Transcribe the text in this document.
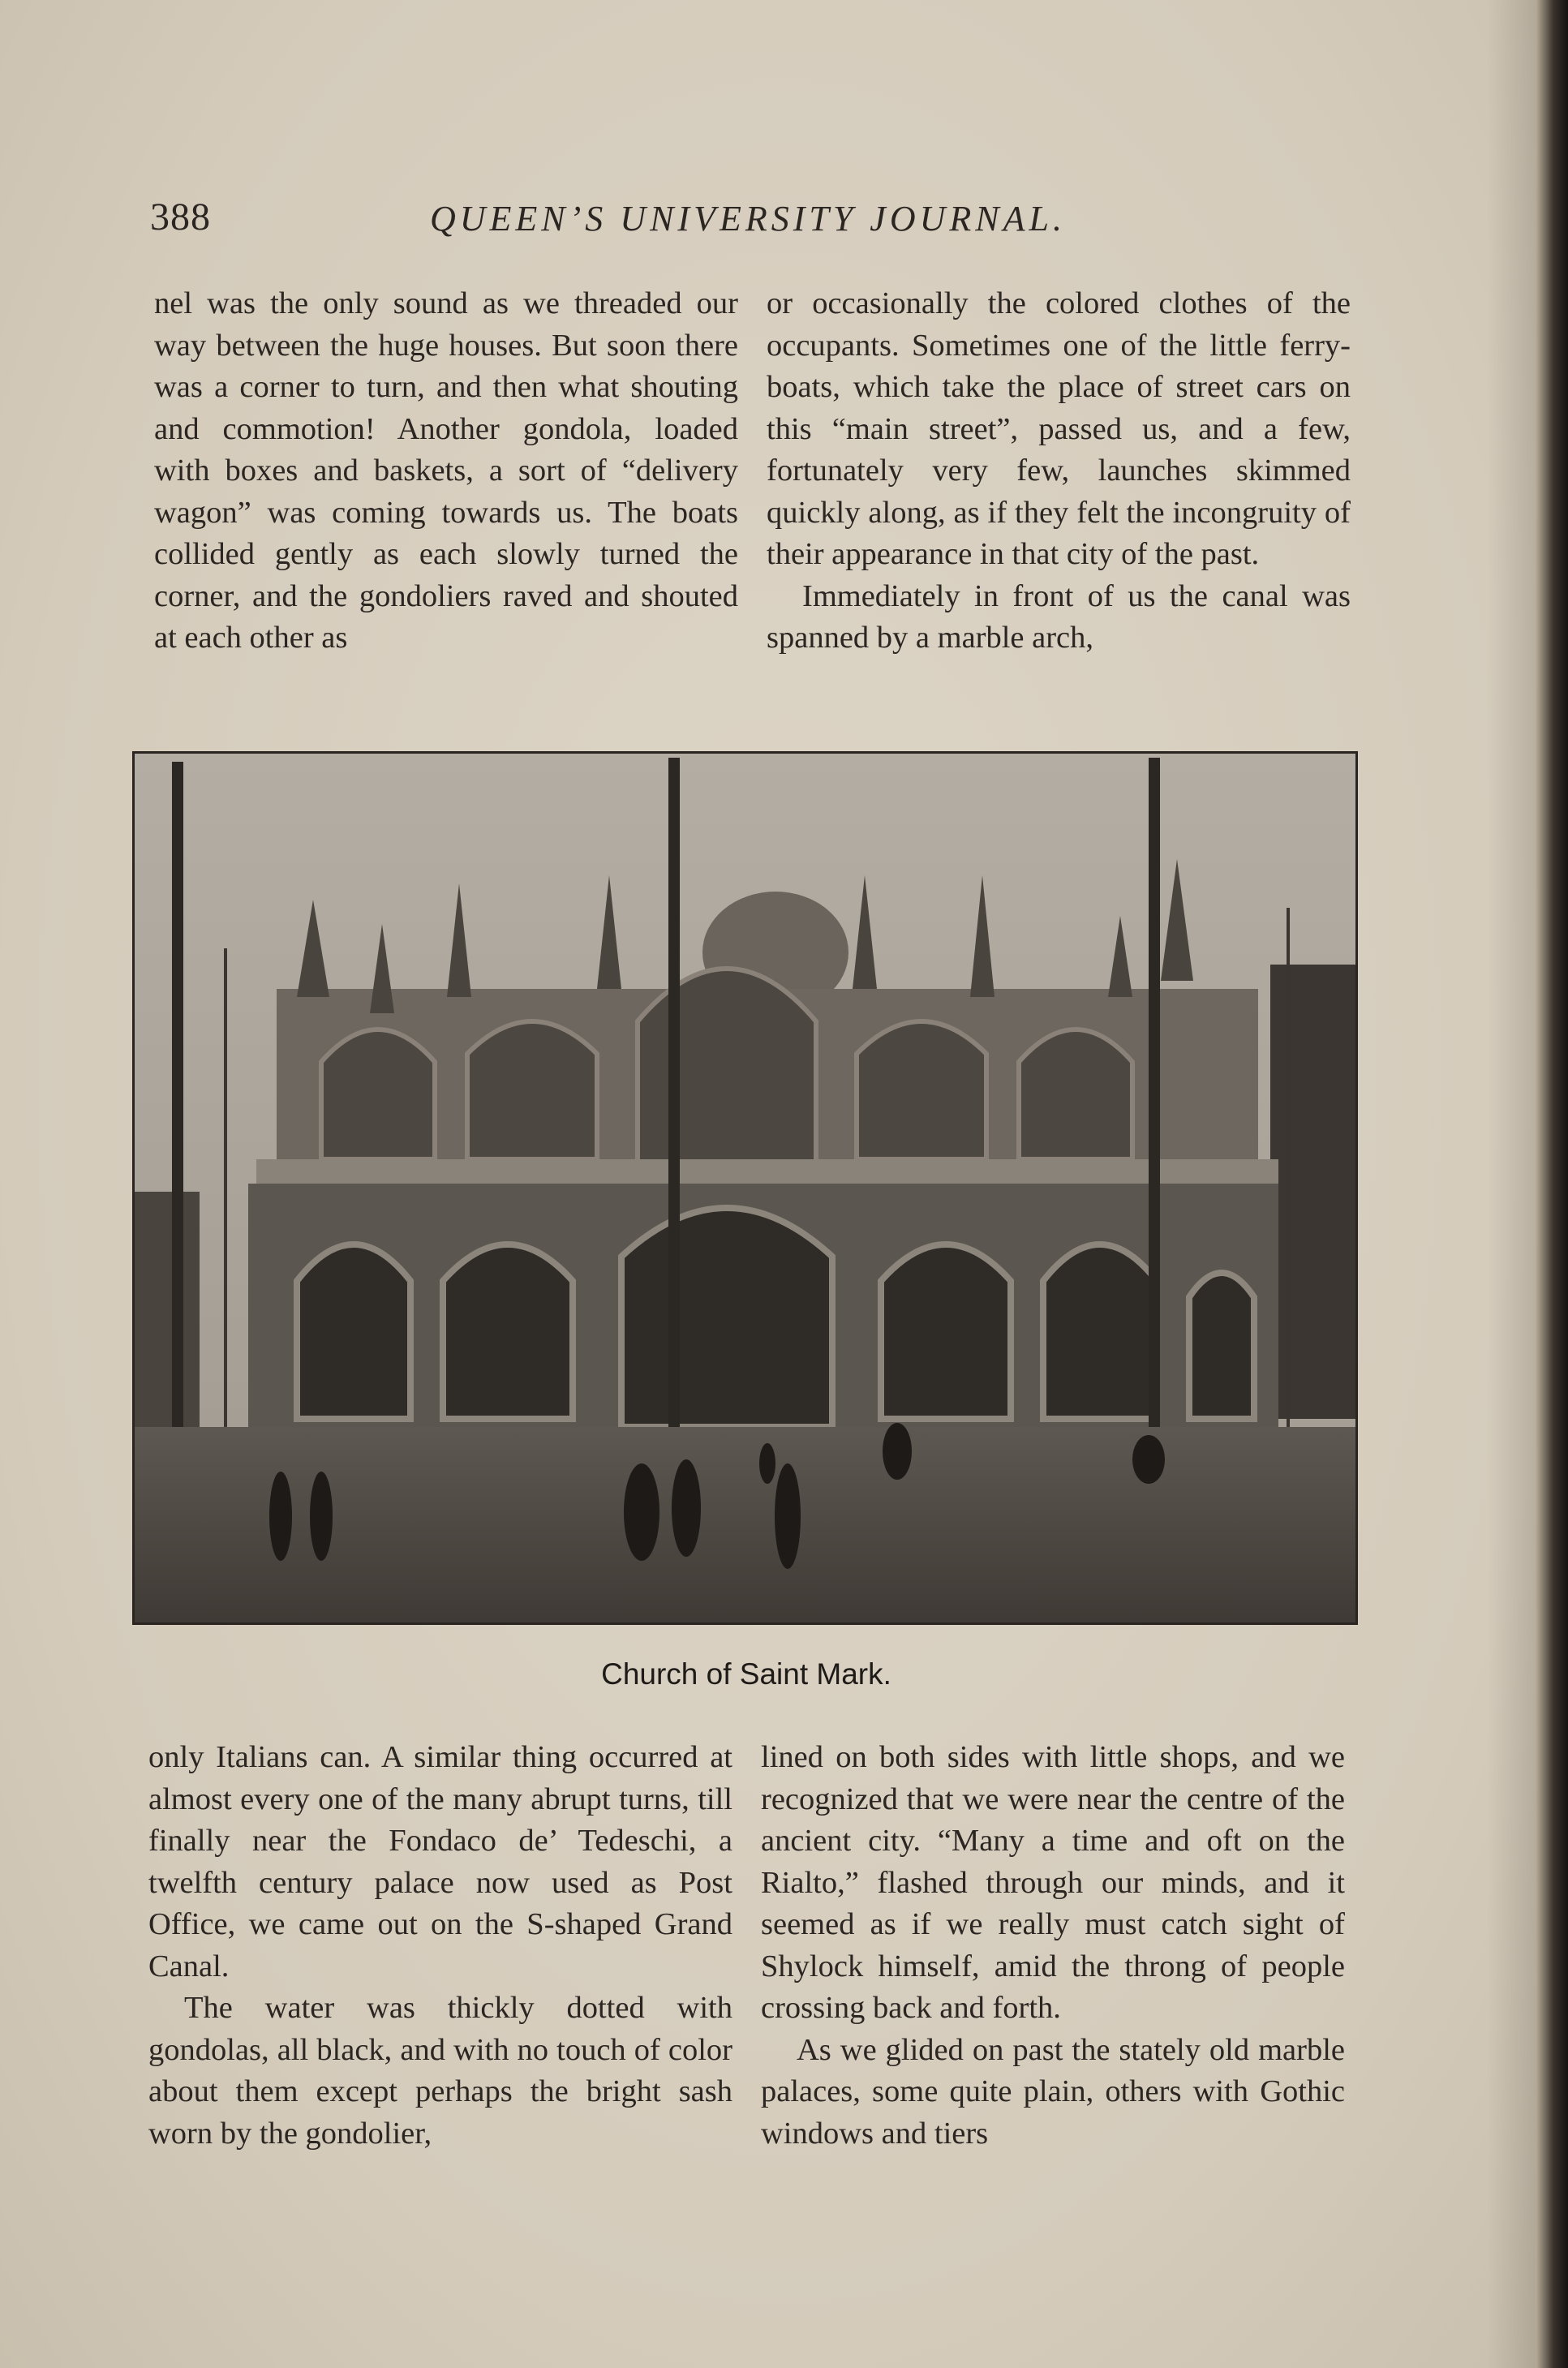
388	QUEEN’S UNIVERSITY JOURNAL.

nel was the only sound as we threaded our way between the huge houses. But soon there was a corner to turn, and then what shouting and commotion! Another gondola, loaded with boxes and baskets, a sort of “delivery wagon” was coming towards us. The boats collided gently as each slowly turned the corner, and the gondoliers raved and shouted at each other as

or occasionally the colored clothes of the occupants. Sometimes one of the little ferry-boats, which take the place of street cars on this “main street”, passed us, and a few, fortunately very few, launches skimmed quickly along, as if they felt the incongruity of their appearance in that city of the past.

Immediately in front of us the canal was spanned by a marble arch,

Church of Saint Mark.

only Italians can. A similar thing occurred at almost every one of the many abrupt turns, till finally near the Fondaco de’ Tedeschi, a twelfth century palace now used as Post Office, we came out on the S-shaped Grand Canal.

The water was thickly dotted with gondolas, all black, and with no touch of color about them except perhaps the bright sash worn by the gondolier,

lined on both sides with little shops, and we recognized that we were near the centre of the ancient city. “Many a time and oft on the Rialto,” flashed through our minds, and it seemed as if we really must catch sight of Shylock himself, amid the throng of people crossing back and forth.

As we glided on past the stately old marble palaces, some quite plain, others with Gothic windows and tiers
